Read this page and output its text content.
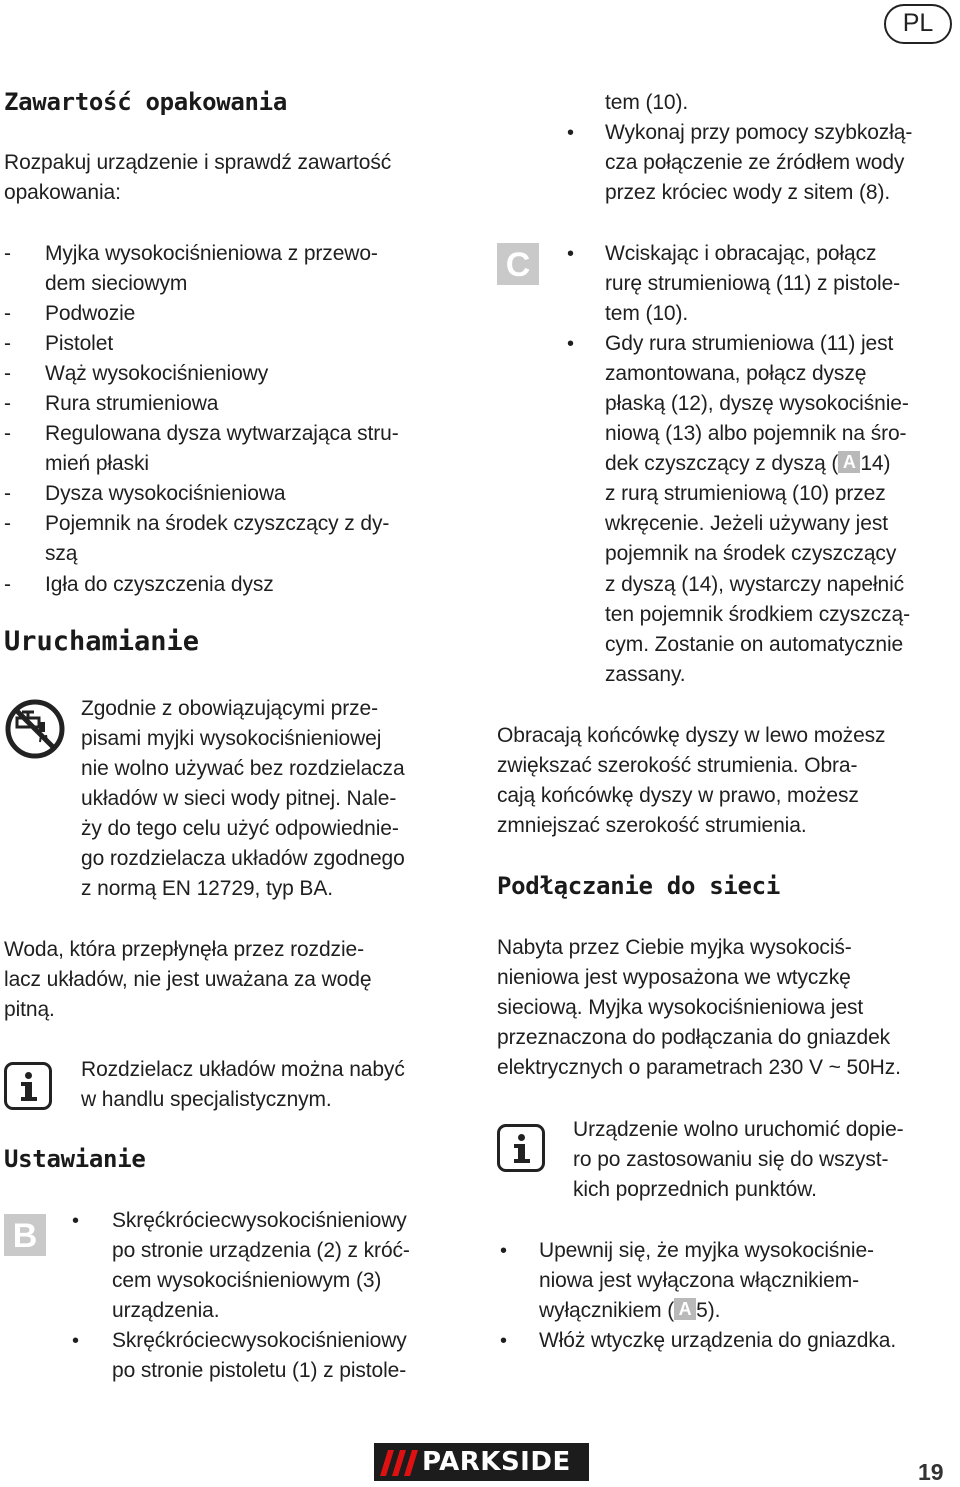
PL
Zawartość opakowania
Rozpakuj urządzenie i sprawdź zawartość
opakowania:
- Myjka wysokociśnieniowa z przewo-
dem sieciowym
- Podwozie
- Pistolet
- Wąż wysokociśnieniowy
- Rura strumieniowa
- Regulowana dysza wytwarzająca stru-
mień płaski
- Dysza wysokociśnieniowa
- Pojemnik na środek czyszczący z dy-
szą
- Igła do czyszczenia dysz
Uruchamianie
Zgodnie z obowiązującymi prze-
pisami myjki wysokociśnieniowej
nie wolno używać bez rozdzielacza
układów w sieci wody pitnej. Nale-
ży do tego celu użyć odpowiednie-
go rozdzielacza układów zgodnego
z normą EN 12729, typ BA.
Woda, która przepłynęła przez rozdzie-
lacz układów, nie jest uważana za wodę
pitną.
Rozdzielacz układów można nabyć
w handlu specjalistycznym.
Ustawianie
B	• Skręćkróciecwysokociśnieniowy
po stronie urządzenia (2) z króć-
cem wysokociśnieniowym (3)
urządzenia.
• Skręćkróciecwysokociśnieniowy
po stronie pistoletu (1) z pistole-
tem (10).
• Wykonaj przy pomocy szybkozłą-
cza połączenie ze źródłem wody
przez króciec wody z sitem (8).
C	• Wciskając i obracając, połącz
rurę strumieniową (11) z pistole-
tem (10).
• Gdy rura strumieniowa (11) jest
zamontowana, połącz dyszę
płaską (12), dyszę wysokociśnie-
niową (13) albo pojemnik na śro-
dek czyszczący z dyszą ( A 14)
z rurą strumieniową (10) przez
wkręcenie. Jeżeli używany jest
pojemnik na środek czyszczący
z dyszą (14), wystarczy napełnić
ten pojemnik środkiem czyszczą-
cym. Zostanie on automatycznie
zassany.
Obracają końcówkę dyszy w lewo możesz
zwiększać szerokość strumienia. Obra-
cają końcówkę dyszy w prawo, możesz
zmniejszać szerokość strumienia.
Podłączanie do sieci
Nabyta przez Ciebie myjka wysokociś-
nieniowa jest wyposażona we wtyczkę
sieciową. Myjka wysokociśnieniowa jest
przeznaczona do podłączania do gniazdek
elektrycznych o parametrach 230 V ~ 50Hz.
Urządzenie wolno uruchomić dopie-
ro po zastosowaniu się do wszyst-
kich poprzednich punktów.
• Upewnij się, że myjka wysokociśnie-
niowa jest wyłączona włącznikiem-
wyłącznikiem ( A 5).
• Włóż wtyczkę urządzenia do gniazdka.
PARKSIDE	19
